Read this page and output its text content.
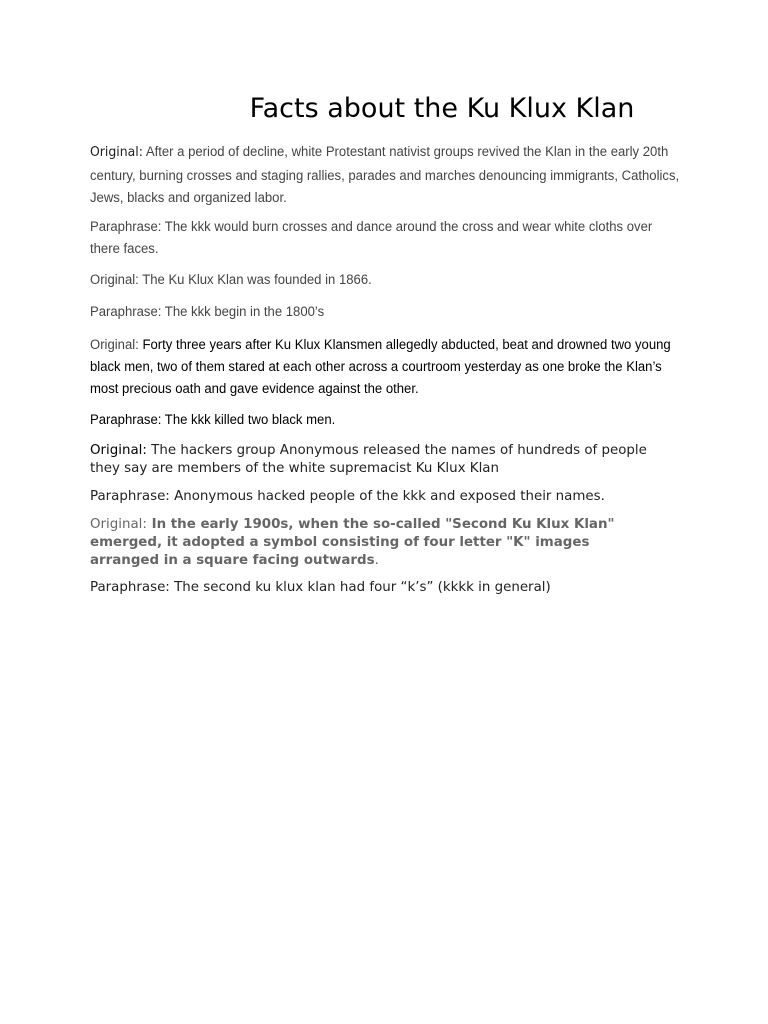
Facts about the Ku Klux Klan

Original: After a period of decline, white Protestant nativist groups revived the Klan in the early 20th century, burning crosses and staging rallies, parades and marches denouncing immigrants, Catholics, Jews, blacks and organized labor.

Paraphrase: The kkk would burn crosses and dance around the cross and wear white cloths over there faces.

Original: The Ku Klux Klan was founded in 1866.

Paraphrase: The kkk begin in the 1800’s

Original: Forty three years after Ku Klux Klansmen allegedly abducted, beat and drowned two young black men, two of them stared at each other across a courtroom yesterday as one broke the Klan’s most precious oath and gave evidence against the other.

Paraphrase: The kkk killed two black men.

Original: The hackers group Anonymous released the names of hundreds of people they say are members of the white supremacist Ku Klux Klan

Paraphrase: Anonymous hacked people of the kkk and exposed their names.

Original: In the early 1900s, when the so-called "Second Ku Klux Klan" emerged, it adopted a symbol consisting of four letter "K" images arranged in a square facing outwards.

Paraphrase: The second ku klux klan had four “k’s” (kkkk in general)
